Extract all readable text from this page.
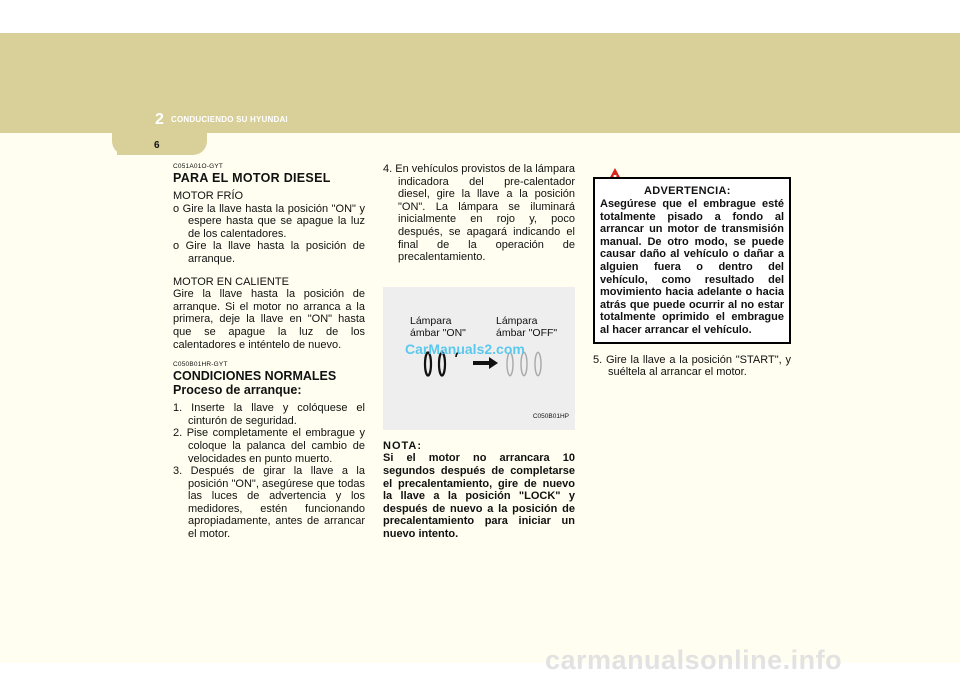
2 CONDUCIENDO SU HYUNDAI
6
C051A01O-GYT
PARA EL MOTOR DIESEL
MOTOR FRÍO
o Gire la llave hasta la posición "ON" y espere hasta que se apague la luz de los calentadores.
o Gire la llave hasta la posición de arranque.
MOTOR EN CALIENTE

Gire la llave hasta la posición de arranque. Si el motor no arranca a la primera, deje la llave en "ON" hasta que se apague la luz de los calentadores e inténtelo de nuevo.

C050B01HR-GYT
CONDICIONES NORMALES
Proceso de arranque:
1. Inserte la llave y colóquese el cinturón de seguridad.
2. Pise completamente el embrague y coloque la palanca del cambio de velocidades en punto muerto.
3. Después de girar la llave a la posición "ON", asegúrese que todas las luces de advertencia y los medidores, estén funcionando apropiadamente, antes de arrancar el motor.
4. En vehículos provistos de la lámpara indicadora del pre-calentador diesel, gire la llave a la posición "ON". La lámpara se iluminará inicialmente en rojo y, poco después, se apagará indicando el final de la operación de precalentamiento.
Lámpara
ámbar "ON"
Lámpara
ámbar "OFF"
CarManuals2.com
C050B01HP
NOTA:
Si el motor no arrancara 10 segundos después de completarse el precalentamiento, gire de nuevo la llave a la posición "LOCK" y después de nuevo a la posición de precalentamiento para iniciar un nuevo intento.
ADVERTENCIA:
Asegúrese que el embrague esté totalmente pisado a fondo al arrancar un motor de transmisión manual. De otro modo, se puede causar daño al vehículo o dañar a alguien fuera o dentro del vehículo, como resultado del movimiento hacia adelante o hacia atrás que puede ocurrir al no estar totalmente oprimido el embrague al hacer arrancar el vehículo.
5. Gire la llave a la posición "START", y suéltela al arrancar el motor.
carmanualsonline.info
